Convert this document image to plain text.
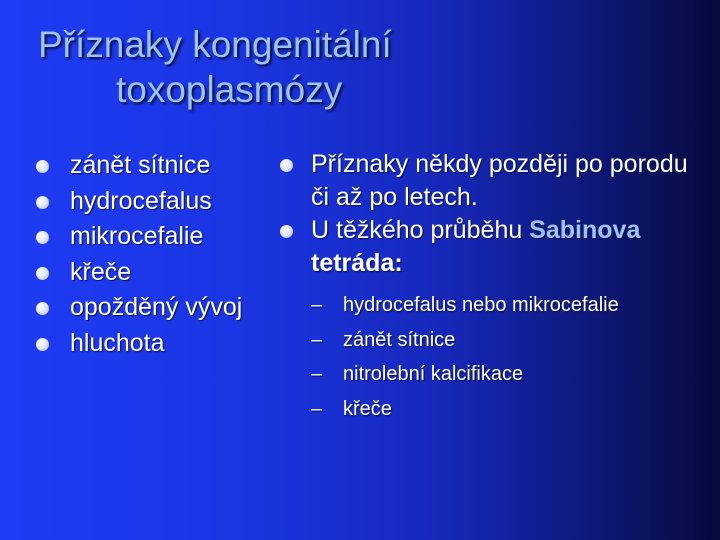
Příznaky kongenitální
toxoplasmózy
zánět sítnice
hydrocefalus
mikrocefalie
křeče
opožděný vývoj
hluchota
Příznaky někdy později po porodu či až po letech.
U těžkého průběhu Sabinova tetráda:
– hydrocefalus nebo mikrocefalie
– zánět sítnice
– nitrolební kalcifikace
– křeče
